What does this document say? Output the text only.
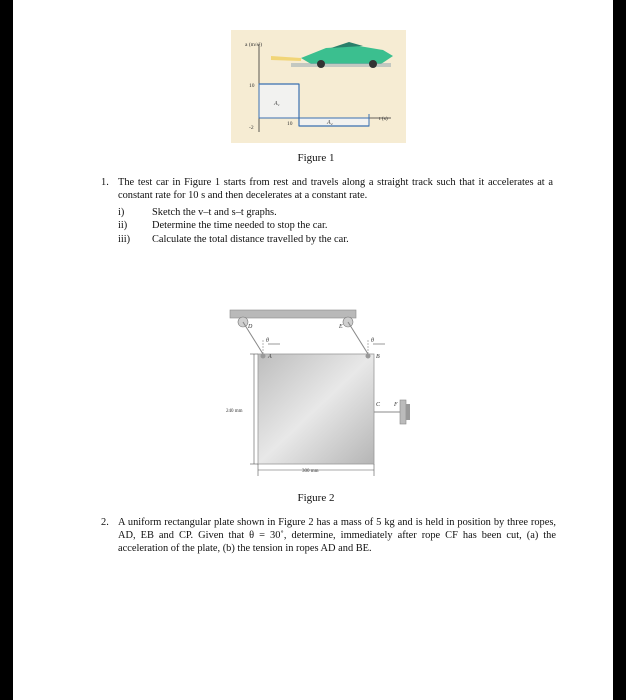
a (m/s²)
t (s)
10
-2
10
A₁
A₂
Figure 1
1. The test car in Figure 1 starts from rest and travels along a straight track such that it accelerates at a constant rate for 10 s and then decelerates at a constant rate.
i)	Sketch the v–t and s–t graphs.
ii) Determine the time needed to stop the car.
iii) Calculate the total distance travelled by the car.
D	E
A	B
C F
θ	θ
240 mm
300 mm
Figure 2
2. A uniform rectangular plate shown in Figure 2 has a mass of 5 kg and is held in position by three ropes, AD, EB and CP. Given that θ = 30˚, determine, immediately after rope CF has been cut, (a) the acceleration of the plate, (b) the tension in ropes AD and BE.
